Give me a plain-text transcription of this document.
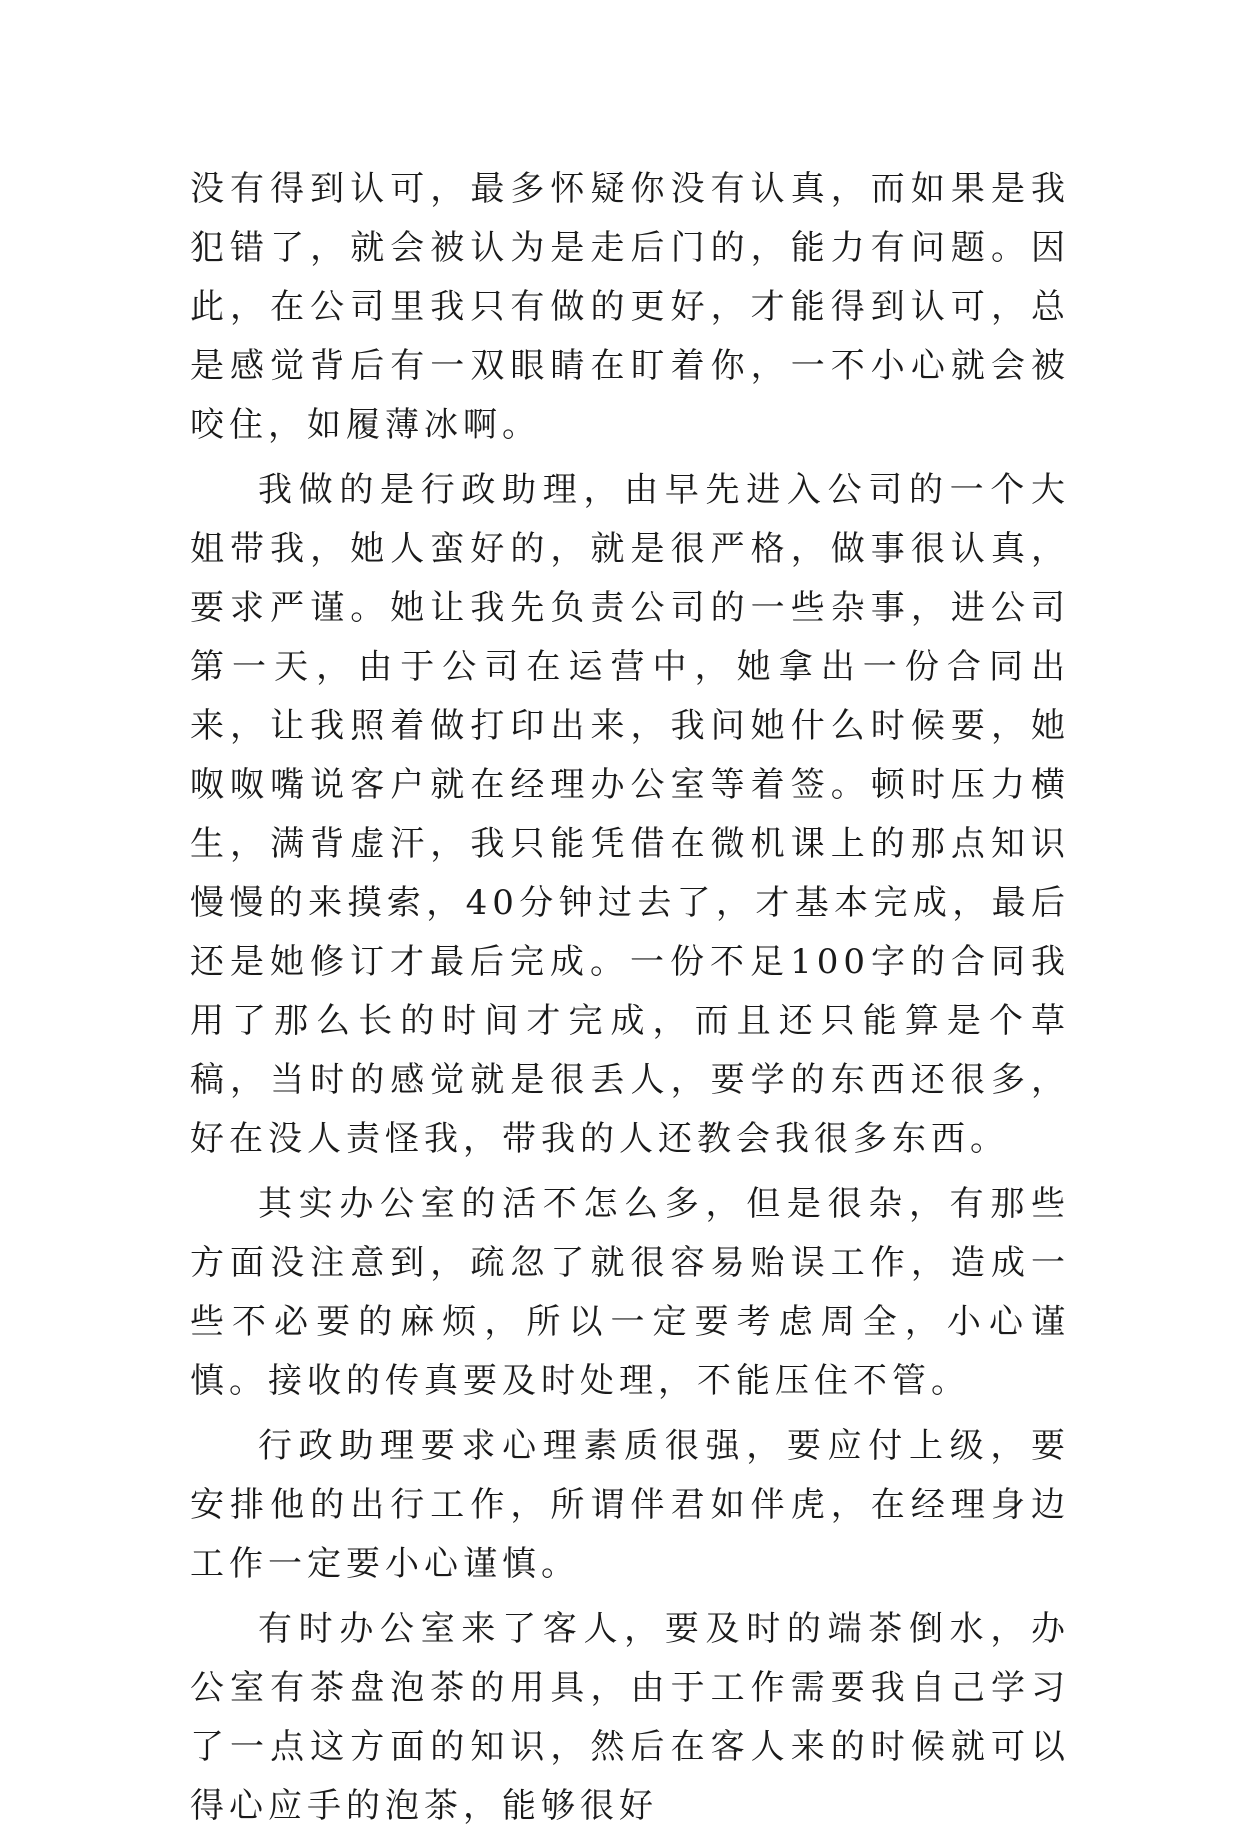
没有得到认可，最多怀疑你没有认真，而如果是我犯错了，就会被认为是走后门的，能力有问题。因此，在公司里我只有做的更好，才能得到认可，总是感觉背后有一双眼睛在盯着你，一不小心就会被咬住，如履薄冰啊。

我做的是行政助理，由早先进入公司的一个大姐带我，她人蛮好的，就是很严格，做事很认真，要求严谨。她让我先负责公司的一些杂事，进公司第一天，由于公司在运营中，她拿出一份合同出来，让我照着做打印出来，我问她什么时候要，她呶呶嘴说客户就在经理办公室等着签。顿时压力横生，满背虚汗，我只能凭借在微机课上的那点知识慢慢的来摸索，40分钟过去了，才基本完成，最后还是她修订才最后完成。一份不足100字的合同我用了那么长的时间才完成，而且还只能算是个草稿，当时的感觉就是很丢人，要学的东西还很多，好在没人责怪我，带我的人还教会我很多东西。

其实办公室的活不怎么多，但是很杂，有那些方面没注意到，疏忽了就很容易贻误工作，造成一些不必要的麻烦，所以一定要考虑周全，小心谨慎。接收的传真要及时处理，不能压住不管。

行政助理要求心理素质很强，要应付上级，要安排他的出行工作，所谓伴君如伴虎，在经理身边工作一定要小心谨慎。

有时办公室来了客人，要及时的端茶倒水，办公室有茶盘泡茶的用具，由于工作需要我自己学习了一点这方面的知识，然后在客人来的时候就可以得心应手的泡茶，能够很好
